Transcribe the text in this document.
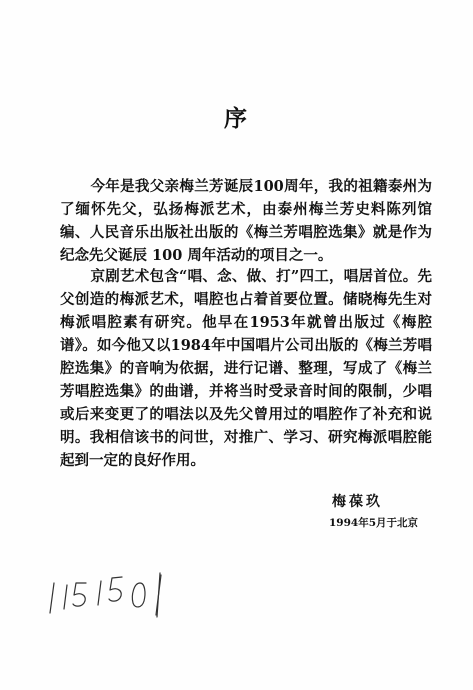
序

今年是我父亲梅兰芳诞辰100周年，我的祖籍泰州为了缅怀先父，弘扬梅派艺术，由泰州梅兰芳史料陈列馆编、人民音乐出版社出版的《梅兰芳唱腔选集》就是作为纪念先父诞辰 100 周年活动的项目之一。

京剧艺术包含“唱、念、做、打”四工，唱居首位。先父创造的梅派艺术，唱腔也占着首要位置。储晓梅先生对梅派唱腔素有研究。他早在1953年就曾出版过《梅腔谱》。如今他又以1984年中国唱片公司出版的《梅兰芳唱腔选集》的音响为依据，进行记谱、整理，写成了《梅兰芳唱腔选集》的曲谱，并将当时受录音时间的限制，少唱或后来变更了的唱法以及先父曾用过的唱腔作了补充和说明。我相信该书的问世，对推广、学习、研究梅派唱腔能起到一定的良好作用。

梅葆玖
1994年5月于北京
